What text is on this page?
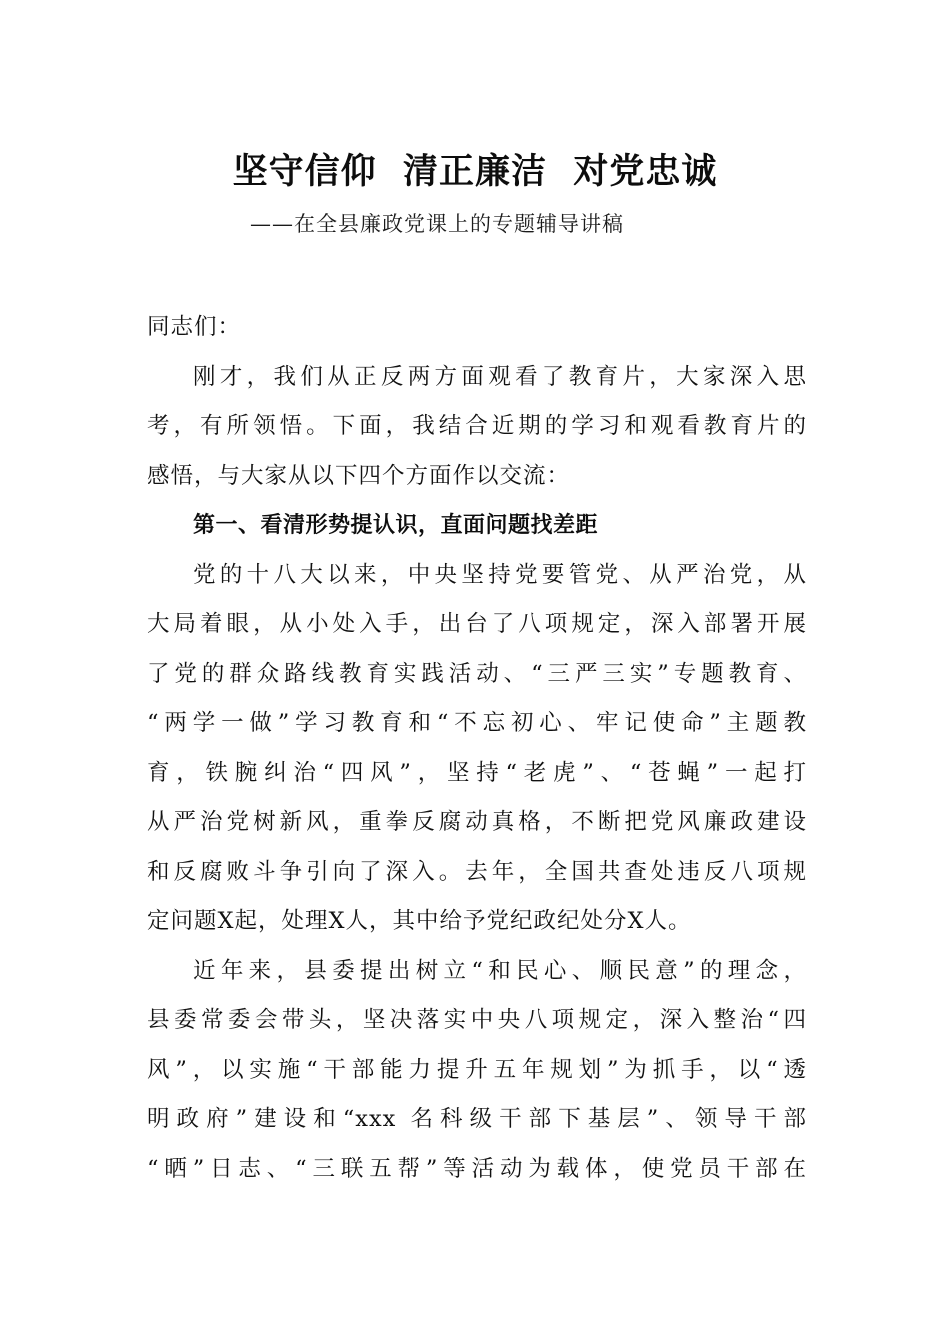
坚守信仰  清正廉洁  对党忠诚
——在全县廉政党课上的专题辅导讲稿
同志们：
刚才，我们从正反两方面观看了教育片，大家深入思
考，有所领悟。下面，我结合近期的学习和观看教育片的
感悟，与大家从以下四个方面作以交流：
第一、看清形势提认识，直面问题找差距
党的十八大以来，中央坚持党要管党、从严治党，从
大局着眼，从小处入手，出台了八项规定，深入部署开展
了党的群众路线教育实践活动、“三严三实”专题教育、
“两学一做”学习教育和“不忘初心、牢记使命”主题教
育，铁腕纠治“四风”，坚持“老虎”、“苍蝇”一起打
从严治党树新风，重拳反腐动真格，不断把党风廉政建设
和反腐败斗争引向了深入。去年，全国共查处违反八项规
定问题X起，处理X人，其中给予党纪政纪处分X人。
近年来，县委提出树立“和民心、顺民意”的理念，
县委常委会带头，坚决落实中央八项规定，深入整治“四
风”，以实施“干部能力提升五年规划”为抓手，以“透
明政府”建设和“xxx 名科级干部下基层”、领导干部
“晒”日志、“三联五帮”等活动为载体，使党员干部在
